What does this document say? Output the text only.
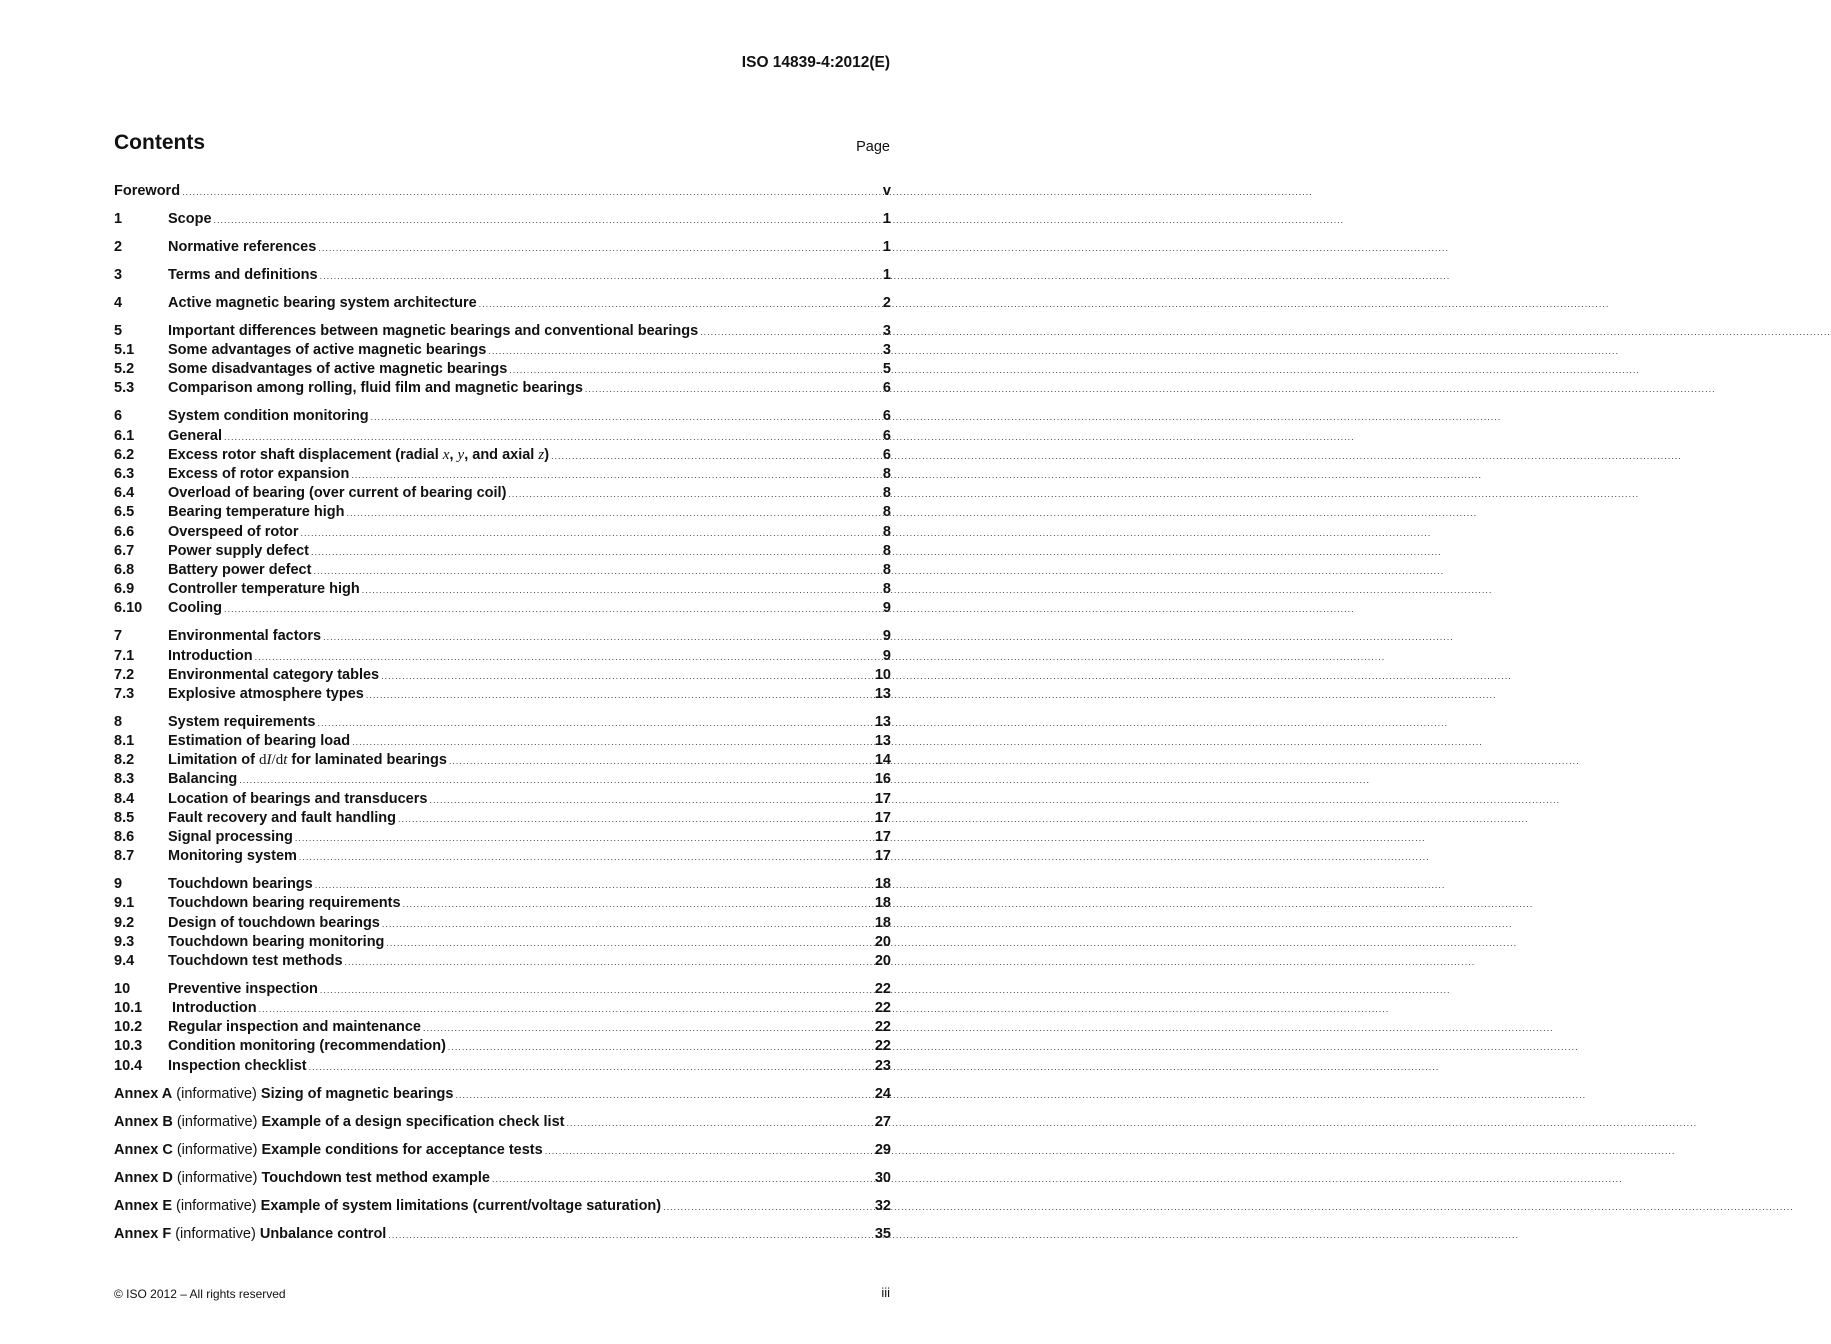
ISO 14839-4:2012(E)
Contents	Page
Foreword .....	v
1	Scope .....	1
2	Normative references .....	1
3	Terms and definitions .....	1
4	Active magnetic bearing system architecture .....	2
5	Important differences between magnetic bearings and conventional bearings .....	3
5.1	Some advantages of active magnetic bearings .....	3
5.2	Some disadvantages of active magnetic bearings .....	5
5.3	Comparison among rolling, fluid film and magnetic bearings .....	6
6	System condition monitoring .....	6
6.1	General .....	6
6.2	Excess rotor shaft displacement (radial x, y, and axial z) .....	6
6.3	Excess of rotor expansion .....	8
6.4	Overload of bearing (over current of bearing coil) .....	8
6.5	Bearing temperature high .....	8
6.6	Overspeed of rotor .....	8
6.7	Power supply defect .....	8
6.8	Battery power defect .....	8
6.9	Controller temperature high .....	8
6.10	Cooling .....	9
7	Environmental factors .....	9
7.1	Introduction .....	9
7.2	Environmental category tables .....	10
7.3	Explosive atmosphere types .....	13
8	System requirements .....	13
8.1	Estimation of bearing load .....	13
8.2	Limitation of dI/dt for laminated bearings .....	14
8.3	Balancing .....	16
8.4	Location of bearings and transducers .....	17
8.5	Fault recovery and fault handling .....	17
8.6	Signal processing .....	17
8.7	Monitoring system .....	17
9	Touchdown bearings .....	18
9.1	Touchdown bearing requirements .....	18
9.2	Design of touchdown bearings .....	18
9.3	Touchdown bearing monitoring .....	20
9.4	Touchdown test methods .....	20
10	Preventive inspection .....	22
10.1	Introduction .....	22
10.2	Regular inspection and maintenance .....	22
10.3	Condition monitoring (recommendation) .....	22
10.4	Inspection checklist .....	23
Annex A (informative) Sizing of magnetic bearings .....	24
Annex B (informative) Example of a design specification check list .....	27
Annex C (informative) Example conditions for acceptance tests .....	29
Annex D (informative) Touchdown test method example .....	30
Annex E (informative) Example of system limitations (current/voltage saturation) .....	32
Annex F (informative) Unbalance control .....	35
© ISO 2012 – All rights reserved	iii
